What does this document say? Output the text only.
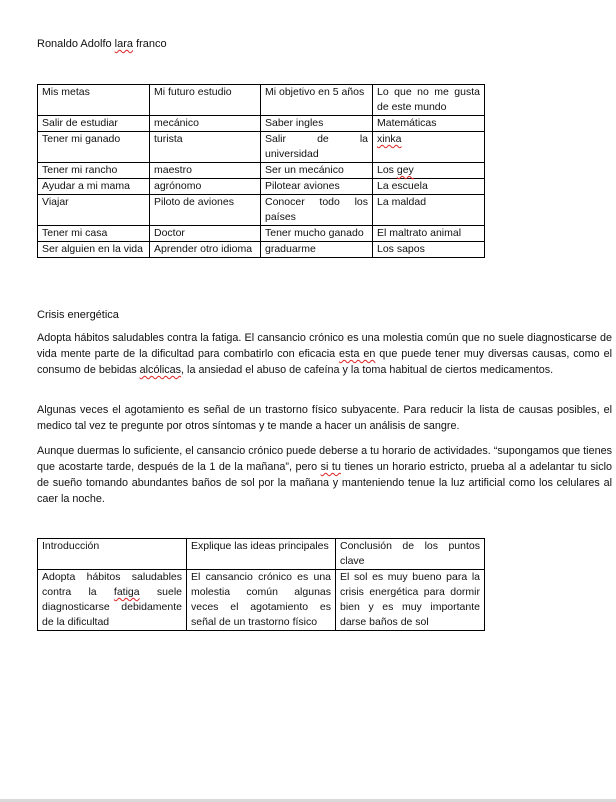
Ronaldo Adolfo lara franco
Mis metas	Mi futuro estudio	Mi objetivo en 5 años	Lo que no me gusta de este mundo
Salir de estudiar	mecánico	Saber ingles	Matemáticas
Tener mi ganado	turista	Salir de la universidad	xinka
Tener mi rancho	maestro	Ser un mecánico	Los gey
Ayudar a mi mama	agrónomo	Pilotear aviones	La escuela
Viajar	Piloto de aviones	Conocer todo los países	La maldad
Tener mi casa	Doctor	Tener mucho ganado	El maltrato animal
Ser alguien en la vida	Aprender otro idioma	graduarme	Los sapos
Crisis energética

Adopta hábitos saludables contra la fatiga. El cansancio crónico es una molestia común que no suele diagnosticarse de vida mente parte de la dificultad para combatirlo con eficacia esta en que puede tener muy diversas causas, como el consumo de bebidas alcólicas, la ansiedad el abuso de cafeína y la toma habitual de ciertos medicamentos.

Algunas veces el agotamiento es señal de un trastorno físico subyacente. Para reducir la lista de causas posibles, el medico tal vez te pregunte por otros síntomas y te mande a hacer un análisis de sangre.

Aunque duermas lo suficiente, el cansancio crónico puede deberse a tu horario de actividades. “supongamos que tienes que acostarte tarde, después de la 1 de la mañana”, pero si tu tienes un horario estricto, prueba al a adelantar tu siclo de sueño tomando abundantes baños de sol por la mañana y manteniendo tenue la luz artificial como los celulares al caer la noche.

Introducción	Explique las ideas principales	Conclusión de los puntos clave
Adopta hábitos saludables contra la fatiga suele diagnosticarse debidamente de la dificultad	El cansancio crónico es una molestia común algunas veces el agotamiento es señal de un trastorno físico	El sol es muy bueno para la crisis energética para dormir bien y es muy importante darse baños de sol
